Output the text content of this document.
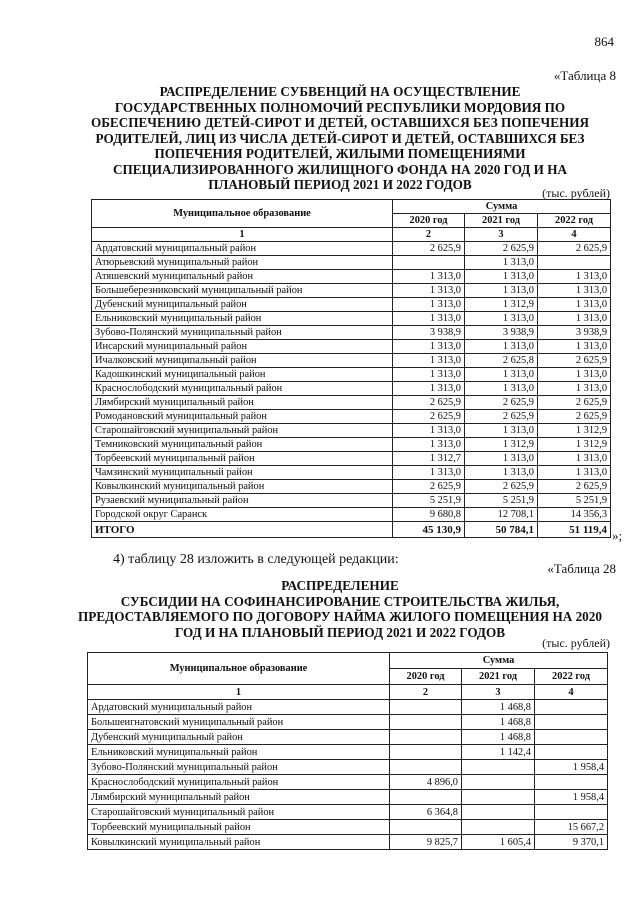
864
«Таблица 8
РАСПРЕДЕЛЕНИЕ СУБВЕНЦИЙ НА ОСУЩЕСТВЛЕНИЕ
ГОСУДАРСТВЕННЫХ ПОЛНОМОЧИЙ РЕСПУБЛИКИ МОРДОВИЯ ПО
ОБЕСПЕЧЕНИЮ ДЕТЕЙ-СИРОТ И ДЕТЕЙ, ОСТАВШИХСЯ БЕЗ ПОПЕЧЕНИЯ
РОДИТЕЛЕЙ, ЛИЦ ИЗ ЧИСЛА ДЕТЕЙ-СИРОТ И ДЕТЕЙ, ОСТАВШИХСЯ БЕЗ
ПОПЕЧЕНИЯ РОДИТЕЛЕЙ, ЖИЛЫМИ ПОМЕЩЕНИЯМИ
СПЕЦИАЛИЗИРОВАННОГО ЖИЛИЩНОГО ФОНДА НА 2020 ГОД И НА
ПЛАНОВЫЙ ПЕРИОД 2021 И 2022 ГОДОВ
(тыс. рублей)
Муниципальное образование	Сумма		
	2020 год	2021 год	2022 год
1	2	3	4
Ардатовский муниципальный район	2 625,9	2 625,9	2 625,9
Атюрьевский муниципальный район		1 313,0	
Атяшевский муниципальный район	1 313,0	1 313,0	1 313,0
Большеберезниковский муниципальный район	1 313,0	1 313,0	1 313,0
Дубенский муниципальный район	1 313,0	1 312,9	1 313,0
Ельниковский муниципальный район	1 313,0	1 313,0	1 313,0
Зубово-Полянский муниципальный район	3 938,9	3 938,9	3 938,9
Инсарский муниципальный район	1 313,0	1 313,0	1 313,0
Ичалковский муниципальный район	1 313,0	2 625,8	2 625,9
Кадошкинский муниципальный район	1 313,0	1 313,0	1 313,0
Краснослободский муниципальный район	1 313,0	1 313,0	1 313,0
Лямбирский муниципальный район	2 625,9	2 625,9	2 625,9
Ромодановский муниципальный район	2 625,9	2 625,9	2 625,9
Старошайговский муниципальный район	1 313,0	1 313,0	1 312,9
Темниковский муниципальный район	1 313,0	1 312,9	1 312,9
Торбеевский муниципальный район	1 312,7	1 313,0	1 313,0
Чамзинский муниципальный район	1 313,0	1 313,0	1 313,0
Ковылкинский муниципальный район	2 625,9	2 625,9	2 625,9
Рузаевский муниципальный район	5 251,9	5 251,9	5 251,9
Городской округ Саранск	9 680,8	12 708,1	14 356,3
ИТОГО	45 130,9	50 784,1	51 119,4 »;
4) таблицу 28 изложить в следующей редакции:
«Таблица 28
РАСПРЕДЕЛЕНИЕ
СУБСИДИИ НА СОФИНАНСИРОВАНИЕ СТРОИТЕЛЬСТВА ЖИЛЬЯ,
ПРЕДОСТАВЛЯЕМОГО ПО ДОГОВОРУ НАЙМА ЖИЛОГО ПОМЕЩЕНИЯ НА 2020
ГОД И НА ПЛАНОВЫЙ ПЕРИОД 2021 И 2022 ГОДОВ
(тыс. рублей)
Муниципальное образование	Сумма		
	2020 год	2021 год	2022 год
1	2	3	4
Ардатовский муниципальный район		1 468,8	
Большеигнатовский муниципальный район		1 468,8	
Дубенский муниципальный район		1 468,8	
Ельниковский муниципальный район		1 142,4	
Зубово-Полянский муниципальный район			1 958,4
Краснослободский муниципальный район	4 896,0		
Лямбирский муниципальный район			1 958,4
Старошайговский муниципальный район	6 364,8		
Торбеевский муниципальный район			15 667,2
Ковылкинский муниципальный район	9 825,7	1 605,4	9 370,1
